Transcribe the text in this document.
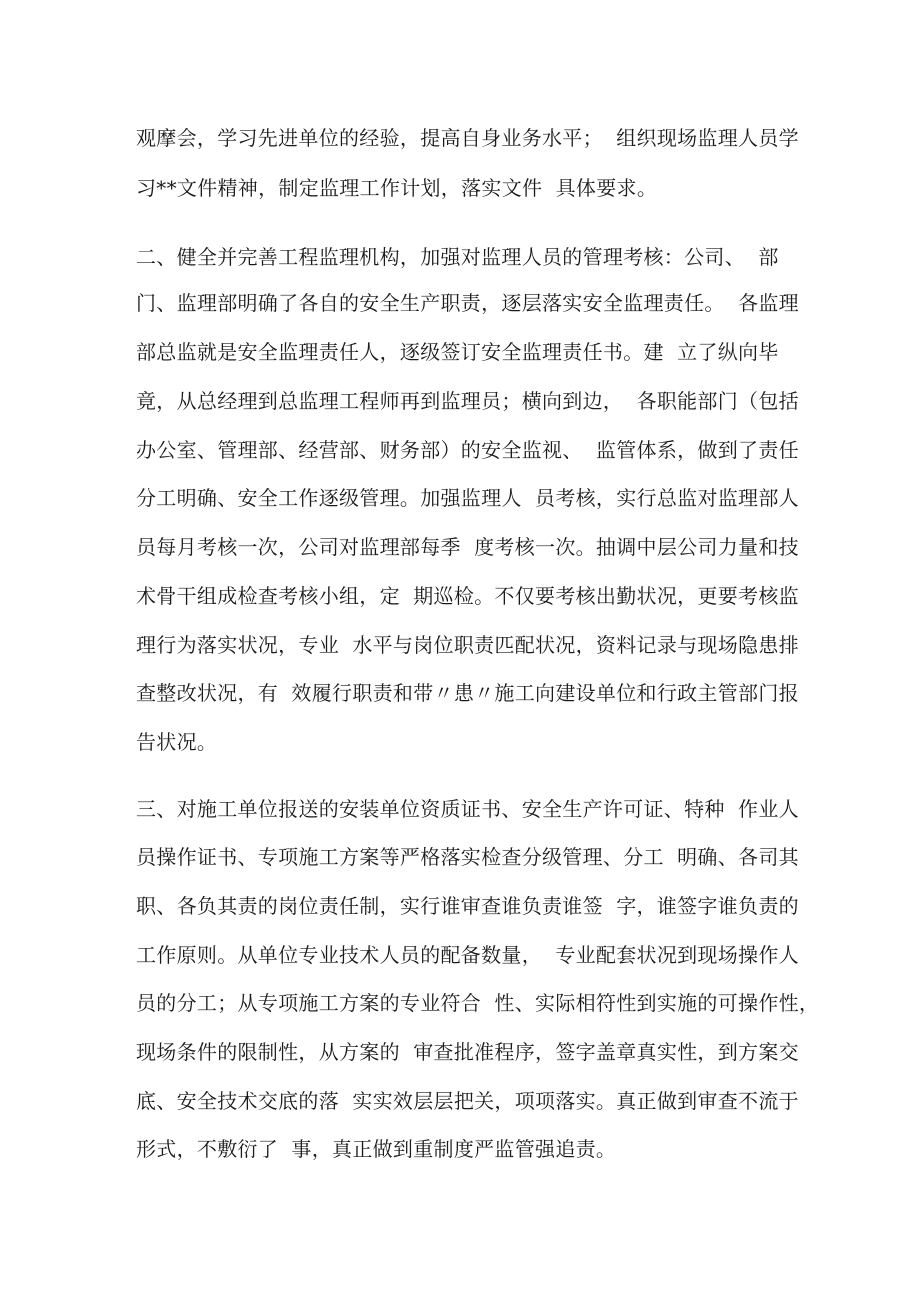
观摩会，学习先进单位的经验，提高自身业务水平；  组织现场监理人员学
习**文件精神，制定监理工作计划，落实文件  具体要求。
二、健全并完善工程监理机构，加强对监理人员的管理考核：公司、  部
门、监理部明确了各自的安全生产职责，逐层落实安全监理责任。  各监理
部总监就是安全监理责任人，逐级签订安全监理责任书。建  立了纵向毕
竟，从总经理到总监理工程师再到监理员；横向到边，  各职能部门（包括
办公室、管理部、经营部、财务部）的安全监视、  监管体系，做到了责任
分工明确、安全工作逐级管理。加强监理人  员考核，实行总监对监理部人
员每月考核一次，公司对监理部每季  度考核一次。抽调中层公司力量和技
术骨干组成检查考核小组，定  期巡检。不仅要考核出勤状况，更要考核监
理行为落实状况，专业  水平与岗位职责匹配状况，资料记录与现场隐患排
查整改状况，有  效履行职责和带〃患〃施工向建设单位和行政主管部门报
告状况。
三、对施工单位报送的安装单位资质证书、安全生产许可证、特种  作业人
员操作证书、专项施工方案等严格落实检查分级管理、分工  明确、各司其
职、各负其责的岗位责任制，实行谁审查谁负责谁签  字，谁签字谁负责的
工作原则。从单位专业技术人员的配备数量，  专业配套状况到现场操作人
员的分工；从专项施工方案的专业符合  性、实际相符性到实施的可操作性，
现场条件的限制性，从方案的  审查批准程序，签字盖章真实性，到方案交
底、安全技术交底的落  实实效层层把关，项项落实。真正做到审查不流于
形式，不敷衍了  事，真正做到重制度严监管强追责。
